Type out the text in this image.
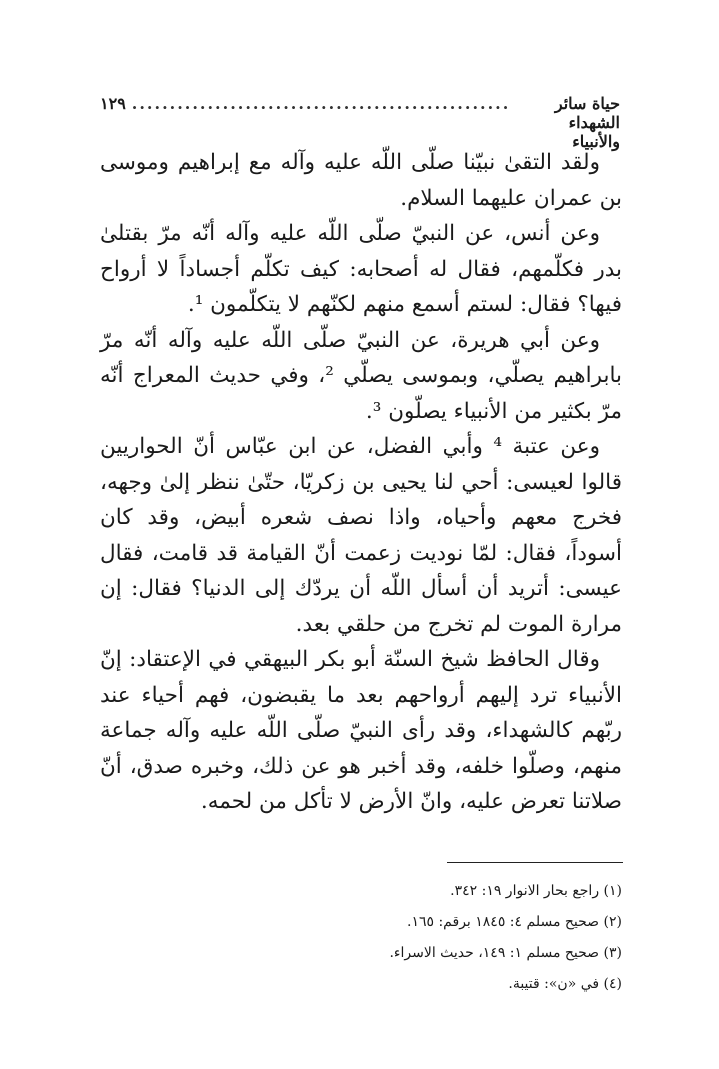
١٢٩ ..................................................	حياة سائر الشهداء والأنبياء

ولقد التقىٰ نبيّنا صلّى اللّه عليه وآله مع إبراهيم وموسى بن عمران عليهما السلام.

وعن أنس، عن النبيّ صلّى اللّه عليه وآله أنّه مرّ بقتلىٰ بدر فكلّمهم، فقال له أصحابه: كيف تكلّم أجساداً لا أرواح فيها؟ فقال: لستم أسمع منهم لكنّهم لا يتكلّمون ¹.

وعن أبي هريرة، عن النبيّ صلّى اللّه عليه وآله أنّه مرّ بابراهيم يصلّي، وبموسى يصلّي ²، وفي حديث المعراج أنّه مرّ بكثير من الأنبياء يصلّون ³.

وعن عتبة ⁴ وأبي الفضل، عن ابن عبّاس أنّ الحواريين قالوا لعيسى: أحي لنا يحيى بن زكريّا، حتّىٰ ننظر إلىٰ وجهه، فخرج معهم وأحياه، واذا نصف شعره أبيض، وقد كان أسوداً، فقال: لمّا نوديت زعمت أنّ القيامة قد قامت، فقال عيسى: أتريد أن أسأل اللّه أن يردّك إلى الدنيا؟ فقال: إن مرارة الموت لم تخرج من حلقي بعد.

وقال الحافظ شيخ السنّة أبو بكر البيهقي في الإعتقاد: إنّ الأنبياء ترد إليهم أرواحهم بعد ما يقبضون، فهم أحياء عند ربّهم كالشهداء، وقد رأى النبيّ صلّى اللّه عليه وآله جماعة منهم، وصلّوا خلفه، وقد أخبر هو عن ذلك، وخبره صدق، أنّ صلاتنا تعرض عليه، وانّ الأرض لا تأكل من لحمه.

(١) راجع بحار الانوار ١٩: ٣٤٢.
(٢) صحيح مسلم ٤: ١٨٤٥ برقم: ١٦٥.
(٣) صحيح مسلم ١: ١٤٩، حديث الاسراء.
(٤) في «ن»: قتيبة.
